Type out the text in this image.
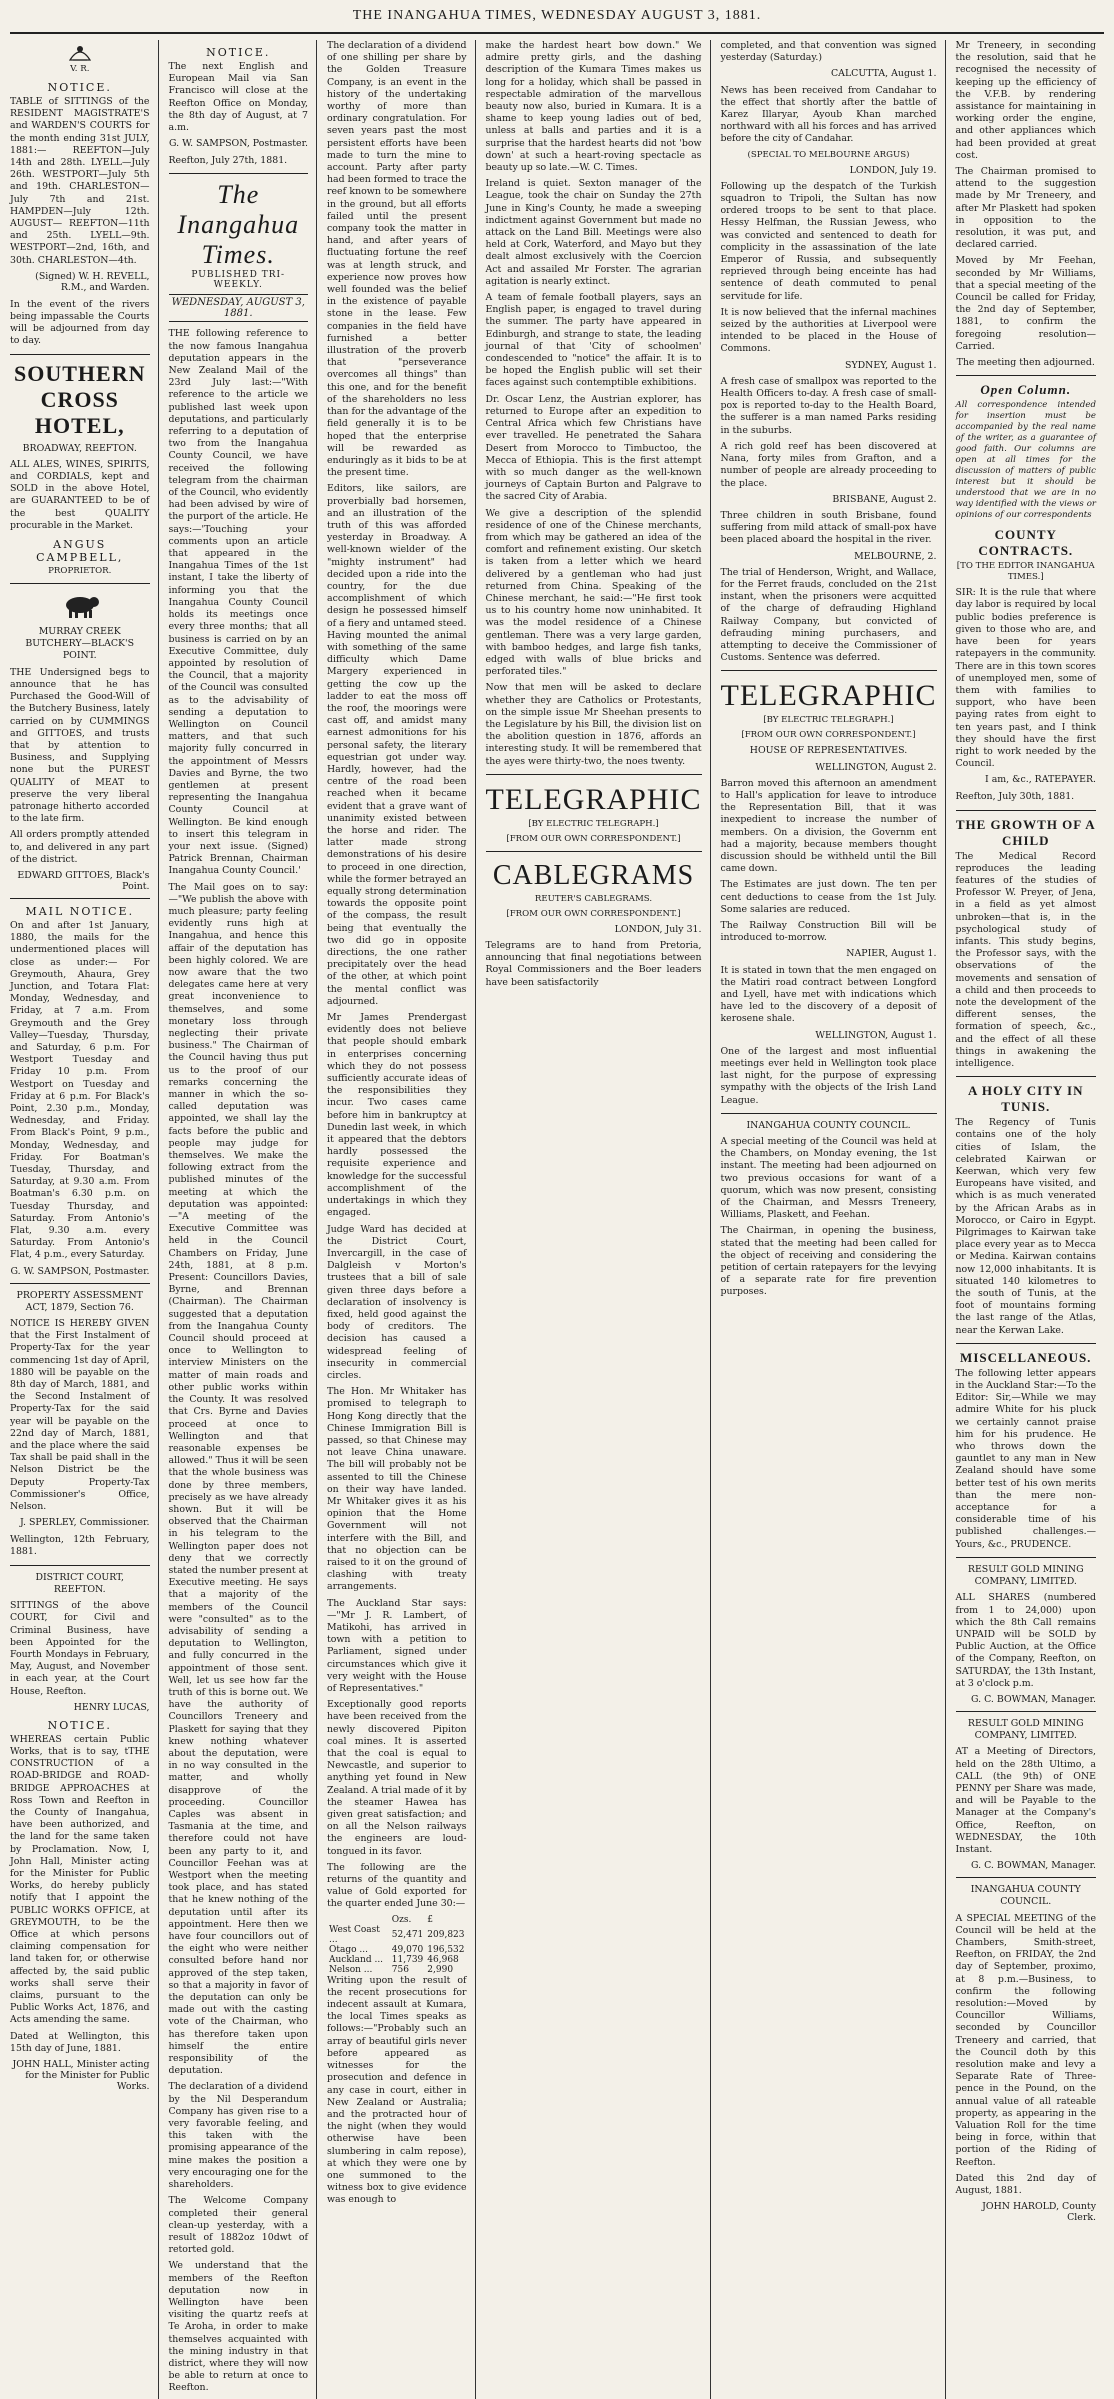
THE INANGAHUA TIMES, WEDNESDAY AUGUST 3, 1881.

V. R.

NOTICE.

TABLE of SITTINGS of the RESIDENT MAGISTRATE'S and WARDEN'S COURTS for the month ending 31st JULY, 1881:— REEFTON—July 14th and 28th. LYELL—July 26th. WESTPORT—July 5th and 19th. CHARLESTON—July 7th and 21st. HAMPDEN—July 12th. AUGUST— REEFTON—11th and 25th. LYELL—9th. WESTPORT—2nd, 16th, and 30th. CHARLESTON—4th.

(Signed) W. H. REVELL, R.M., and Warden.

In the event of the rivers being impassable the Courts will be adjourned from day to day.

SOUTHERN CROSS HOTEL,

BROADWAY, REEFTON.

ALL ALES, WINES, SPIRITS, and CORDIALS, kept and SOLD in the above Hotel, are GUARANTEED to be of the best QUALITY procurable in the Market.

ANGUS CAMPBELL,

PROPRIETOR.

MURRAY CREEK BUTCHERY—BLACK'S POINT.

THE Undersigned begs to announce that he has Purchased the Good-Will of the Butchery Business, lately carried on by CUMMINGS and GITTOES, and trusts that by attention to Business, and Supplying none but the PUREST QUALITY of MEAT to preserve the very liberal patronage hitherto accorded to the late firm.

All orders promptly attended to, and delivered in any part of the district.

EDWARD GITTOES, Black's Point.

MAIL NOTICE.

On and after 1st January, 1880, the mails for the undermentioned places will close as under:— For Greymouth, Ahaura, Grey Junction, and Totara Flat: Monday, Wednesday, and Friday, at 7 a.m. From Greymouth and the Grey Valley—Tuesday, Thursday, and Saturday, 6 p.m. For Westport Tuesday and Friday 10 p.m. From Westport on Tuesday and Friday at 6 p.m. For Black's Point, 2.30 p.m., Monday, Wednesday, and Friday. From Black's Point, 9 p.m., Monday, Wednesday, and Friday. For Boatman's Tuesday, Thursday, and Saturday, at 9.30 a.m. From Boatman's 6.30 p.m. on Tuesday Thursday, and Saturday. From Antonio's Flat, 9.30 a.m. every Saturday. From Antonio's Flat, 4 p.m., every Saturday.

G. W. SAMPSON, Postmaster.

PROPERTY ASSESSMENT ACT, 1879, Section 76.

NOTICE IS HEREBY GIVEN that the First Instalment of Property-Tax for the year commencing 1st day of April, 1880 will be payable on the 8th day of March, 1881, and the Second Instalment of Property-Tax for the said year will be payable on the 22nd day of March, 1881, and the place where the said Tax shall be paid shall in the Nelson District be the Deputy Property-Tax Commissioner's Office, Nelson.

J. SPERLEY, Commissioner.

Wellington, 12th February, 1881.

DISTRICT COURT, REEFTON.

SITTINGS of the above COURT, for Civil and Criminal Business, have been Appointed for the Fourth Mondays in February, May, August, and November in each year, at the Court House, Reefton.

HENRY LUCAS,

NOTICE.

WHEREAS certain Public Works, that is to say, tTHE CONSTRUCTION of a ROAD-BRIDGE and ROAD-BRIDGE APPROACHES at Ross Town and Reefton in the County of Inangahua, have been authorized, and the land for the same taken by Proclamation. Now, I, John Hall, Minister acting for the Minister for Public Works, do hereby publicly notify that I appoint the PUBLIC WORKS OFFICE, at GREYMOUTH, to be the Office at which persons claiming compensation for land taken for, or otherwise affected by, the said public works shall serve their claims, pursuant to the Public Works Act, 1876, and Acts amending the same.

Dated at Wellington, this 15th day of June, 1881.

JOHN HALL, Minister acting for the Minister for Public Works.

NOTICE.

The next English and European Mail via San Francisco will close at the Reefton Office on Monday, the 8th day of August, at 7 a.m.

G. W. SAMPSON, Postmaster.

Reefton, July 27th, 1881.

The Inangahua Times.
PUBLISHED TRI-WEEKLY.
WEDNESDAY, AUGUST 3, 1881.

THE following reference to the now famous Inangahua deputation appears in the New Zealand Mail of the 23rd July last:—"With reference to the article we published last week upon deputations, and particularly referring to a deputation of two from the Inangahua County Council, we have received the following telegram from the chairman of the Council, who evidently had been advised by wire of the purport of the article. He says:—'Touching your comments upon an article that appeared in the Inangahua Times of the 1st instant, I take the liberty of informing you that the Inangahua County Council holds its meetings once every three months; that all business is carried on by an Executive Committee, duly appointed by resolution of the Council, that a majority of the Council was consulted as to the advisability of sending a deputation to Wellington on Council matters, and that such majority fully concurred in the appointment of Messrs Davies and Byrne, the two gentlemen at present representing the Inangahua County Council at Wellington. Be kind enough to insert this telegram in your next issue. (Signed) Patrick Brennan, Chairman Inangahua County Council.'

The Mail goes on to say:—"We publish the above with much pleasure; party feeling evidently runs high at Inangahua, and hence this affair of the deputation has been highly colored. We are now aware that the two delegates came here at very great inconvenience to themselves, and some monetary loss through neglecting their private business." The Chairman of the Council having thus put us to the proof of our remarks concerning the manner in which the so-called deputation was appointed, we shall lay the facts before the public and people may judge for themselves. We make the following extract from the published minutes of the meeting at which the deputation was appointed:—"A meeting of the Executive Committee was held in the Council Chambers on Friday, June 24th, 1881, at 8 p.m. Present: Councillors Davies, Byrne, and Brennan (Chairman). The Chairman suggested that a deputation from the Inangahua County Council should proceed at once to Wellington to interview Ministers on the matter of main roads and other public works within the County. It was resolved that Crs. Byrne and Davies proceed at once to Wellington and that reasonable expenses be allowed." Thus it will be seen that the whole business was done by three members, precisely as we have already shown. But it will be observed that the Chairman in his telegram to the Wellington paper does not deny that we correctly stated the number present at Executive meeting. He says that a majority of the members of the Council were "consulted" as to the advisability of sending a deputation to Wellington, and fully concurred in the appointment of those sent. Well, let us see how far the truth of this is borne out. We have the authority of Councillors Treneery and Plaskett for saying that they knew nothing whatever about the deputation, were in no way consulted in the matter, and wholly disapprove of the proceeding. Councillor Caples was absent in Tasmania at the time, and therefore could not have been any party to it, and Councillor Feehan was at Westport when the meeting took place, and has stated that he knew nothing of the deputation until after its appointment. Here then we have four councillors out of the eight who were neither consulted before hand nor approved of the step taken, so that a majority in favor of the deputation can only be made out with the casting vote of the Chairman, who has therefore taken upon himself the entire responsibility of the deputation.

The declaration of a dividend by the Nil Desperandum Company has given rise to a very favorable feeling, and this taken with the promising appearance of the mine makes the position a very encouraging one for the shareholders.

The Welcome Company completed their general clean-up yesterday, with a result of 1882oz 10dwt of retorted gold.

We understand that the members of the Reefton deputation now in Wellington have been visiting the quartz reefs at Te Aroha, in order to make themselves acquainted with the mining industry in that district, where they will now be able to return at once to Reefton.

The declaration of a dividend of one shilling per share by the Golden Treasure Company, is an event in the history of the undertaking worthy of more than ordinary congratulation. For seven years past the most persistent efforts have been made to turn the mine to account. Party after party had been formed to trace the reef known to be somewhere in the ground, but all efforts failed until the present company took the matter in hand, and after years of fluctuating fortune the reef was at length struck, and experience now proves how well founded was the belief in the existence of payable stone in the lease. Few companies in the field have furnished a better illustration of the proverb that "perseverance overcomes all things" than this one, and for the benefit of the shareholders no less than for the advantage of the field generally it is to be hoped that the enterprise will be rewarded as enduringly as it bids to be at the present time.

Editors, like sailors, are proverbially bad horsemen, and an illustration of the truth of this was afforded yesterday in Broadway. A well-known wielder of the "mighty instrument" had decided upon a ride into the country, for the due accomplishment of which design he possessed himself of a fiery and untamed steed. Having mounted the animal with something of the same difficulty which Dame Margery experienced in getting the cow up the ladder to eat the moss off the roof, the moorings were cast off, and amidst many earnest admonitions for his personal safety, the literary equestrian got under way. Hardly, however, had the centre of the road been reached when it became evident that a grave want of unanimity existed between the horse and rider. The latter made strong demonstrations of his desire to proceed in one direction, while the former betrayed an equally strong determination towards the opposite point of the compass, the result being that eventually the two did go in opposite directions, the one rather precipitately over the head of the other, at which point the mental conflict was adjourned.

Mr James Prendergast evidently does not believe that people should embark in enterprises concerning which they do not possess sufficiently accurate ideas of the responsibilities they incur. Two cases came before him in bankruptcy at Dunedin last week, in which it appeared that the debtors hardly possessed the requisite experience and knowledge for the successful accomplishment of the undertakings in which they engaged.

Judge Ward has decided at the District Court, Invercargill, in the case of Dalgleish v Morton's trustees that a bill of sale given three days before a declaration of insolvency is fixed, held good against the body of creditors. The decision has caused a widespread feeling of insecurity in commercial circles.

The Hon. Mr Whitaker has promised to telegraph to Hong Kong directly that the Chinese Immigration Bill is passed, so that Chinese may not leave China unaware. The bill will probably not be assented to till the Chinese on their way have landed. Mr Whitaker gives it as his opinion that the Home Government will not interfere with the Bill, and that no objection can be raised to it on the ground of clashing with treaty arrangements.

The Auckland Star says:—"Mr J. R. Lambert, of Matikohi, has arrived in town with a petition to Parliament, signed under circumstances which give it very weight with the House of Representatives."

Exceptionally good reports have been received from the newly discovered Pipiton coal mines. It is asserted that the coal is equal to Newcastle, and superior to anything yet found in New Zealand. A trial made of it by the steamer Hawea has given great satisfaction; and on all the Nelson railways the engineers are loud-tongued in its favor.

The following are the returns of the quantity and value of Gold exported for the quarter ended June 30:—

	Ozs.	£
West Coast ...	52,471	209,823
Otago ...	49,070	196,532
Auckland ...	11,739	46,968
Nelson ...	756	2,990

Writing upon the result of the recent prosecutions for indecent assault at Kumara, the local Times speaks as follows:—"Probably such an array of beautiful girls never before appeared as witnesses for the prosecution and defence in any case in court, either in New Zealand or Australia; and the protracted hour of the night (when they would otherwise have been slumbering in calm repose), at which they were one by one summoned to the witness box to give evidence was enough to

make the hardest heart bow down." We admire pretty girls, and the dashing description of the Kumara Times makes us long for a holiday, which shall be passed in respectable admiration of the marvellous beauty now also, buried in Kumara. It is a shame to keep young ladies out of bed, unless at balls and parties and it is a surprise that the hardest hearts did not 'bow down' at such a heart-roving spectacle as beauty up so late.—W. C. Times.

Ireland is quiet. Sexton manager of the League, took the chair on Sunday the 27th June in King's County, he made a sweeping indictment against Government but made no attack on the Land Bill. Meetings were also held at Cork, Waterford, and Mayo but they dealt almost exclusively with the Coercion Act and assailed Mr Forster. The agrarian agitation is nearly extinct.

A team of female football players, says an English paper, is engaged to travel during the summer. The party have appeared in Edinburgh, and strange to state, the leading journal of that 'City of schoolmen' condescended to "notice" the affair. It is to be hoped the English public will set their faces against such contemptible exhibitions.

Dr. Oscar Lenz, the Austrian explorer, has returned to Europe after an expedition to Central Africa which few Christians have ever travelled. He penetrated the Sahara Desert from Morocco to Timbuctoo, the Mecca of Ethiopia. This is the first attempt with so much danger as the well-known journeys of Captain Burton and Palgrave to the sacred City of Arabia.

We give a description of the splendid residence of one of the Chinese merchants, from which may be gathered an idea of the comfort and refinement existing. Our sketch is taken from a letter which we heard delivered by a gentleman who had just returned from China. Speaking of the Chinese merchant, he said:—"He first took us to his country home now uninhabited. It was the model residence of a Chinese gentleman. There was a very large garden, with bamboo hedges, and large fish tanks, edged with walls of blue bricks and perforated tiles."

Now that men will be asked to declare whether they are Catholics or Protestants, on the simple issue Mr Sheehan presents to the Legislature by his Bill, the division list on the abolition question in 1876, affords an interesting study. It will be remembered that the ayes were thirty-two, the noes twenty.

TELEGRAPHIC

[BY ELECTRIC TELEGRAPH.]

[FROM OUR OWN CORRESPONDENT.]

CABLEGRAMS

REUTER'S CABLEGRAMS.

[FROM OUR OWN CORRESPONDENT.]

LONDON, July 31.

Telegrams are to hand from Pretoria, announcing that final negotiations between Royal Commissioners and the Boer leaders have been satisfactorily

completed, and that convention was signed yesterday (Saturday.)

CALCUTTA, August 1.

News has been received from Candahar to the effect that shortly after the battle of Karez Illaryar, Ayoub Khan marched northward with all his forces and has arrived before the city of Candahar.

(SPECIAL TO MELBOURNE ARGUS)

LONDON, July 19.

Following up the despatch of the Turkish squadron to Tripoli, the Sultan has now ordered troops to be sent to that place. Hessy Helfman, the Russian Jewess, who was convicted and sentenced to death for complicity in the assassination of the late Emperor of Russia, and subsequently reprieved through being enceinte has had sentence of death commuted to penal servitude for life.

It is now believed that the infernal machines seized by the authorities at Liverpool were intended to be placed in the House of Commons.

SYDNEY, August 1.

A fresh case of smallpox was reported to the Health Officers to-day. A fresh case of small-pox is reported to-day to the Health Board, the sufferer is a man named Parks residing in the suburbs.

A rich gold reef has been discovered at Nana, forty miles from Grafton, and a number of people are already proceeding to the place.

BRISBANE, August 2.

Three children in south Brisbane, found suffering from mild attack of small-pox have been placed aboard the hospital in the river.

MELBOURNE, 2.

The trial of Henderson, Wright, and Wallace, for the Ferret frauds, concluded on the 21st instant, when the prisoners were acquitted of the charge of defrauding Highland Railway Company, but convicted of defrauding mining purchasers, and attempting to deceive the Commissioner of Customs. Sentence was deferred.

TELEGRAPHIC

[BY ELECTRIC TELEGRAPH.]

[FROM OUR OWN CORRESPONDENT.]

HOUSE OF REPRESENTATIVES.

WELLINGTON, August 2.

Barron moved this afternoon an amendment to Hall's application for leave to introduce the Representation Bill, that it was inexpedient to increase the number of members. On a division, the Governm ent had a majority, because members thought discussion should be withheld until the Bill came down.

The Estimates are just down. The ten per cent deductions to cease from the 1st July. Some salaries are reduced.

The Railway Construction Bill will be introduced to-morrow.

NAPIER, August 1.

It is stated in town that the men engaged on the Matiri road contract between Longford and Lyell, have met with indications which have led to the discovery of a deposit of kerosene shale.

WELLINGTON, August 1.

One of the largest and most influential meetings ever held in Wellington took place last night, for the purpose of expressing sympathy with the objects of the Irish Land League.

INANGAHUA COUNTY COUNCIL.

A special meeting of the Council was held at the Chambers, on Monday evening, the 1st instant. The meeting had been adjourned on two previous occasions for want of a quorum, which was now present, consisting of the Chairman, and Messrs Treneery, Williams, Plaskett, and Feehan.

The Chairman, in opening the business, stated that the meeting had been called for the object of receiving and considering the petition of certain ratepayers for the levying of a separate rate for fire prevention purposes.

Mr Treneery, in seconding the resolution, said that he recognised the necessity of keeping up the efficiency of the V.F.B. by rendering assistance for maintaining in working order the engine, and other appliances which had been provided at great cost.

The Chairman promised to attend to the suggestion made by Mr Treneery, and after Mr Plaskett had spoken in opposition to the resolution, it was put, and declared carried.

Moved by Mr Feehan, seconded by Mr Williams, that a special meeting of the Council be called for Friday, the 2nd day of September, 1881, to confirm the foregoing resolution—Carried.

The meeting then adjourned.

Open Column.

All correspondence intended for insertion must be accompanied by the real name of the writer, as a guarantee of good faith. Our columns are open at all times for the discussion of matters of public interest but it should be understood that we are in no way identified with the views or opinions of our correspondents

COUNTY CONTRACTS.

[TO THE EDITOR INANGAHUA TIMES.]

SIR: It is the rule that where day labor is required by local public bodies preference is given to those who are, and have been for years ratepayers in the community. There are in this town scores of unemployed men, some of them with families to support, who have been paying rates from eight to ten years past, and I think they should have the first right to work needed by the Council.

I am, &c., RATEPAYER.

Reefton, July 30th, 1881.

THE GROWTH OF A CHILD

The Medical Record reproduces the leading features of the studies of Professor W. Preyer, of Jena, in a field as yet almost unbroken—that is, in the psychological study of infants. This study begins, the Professor says, with the observations of the movements and sensation of a child and then proceeds to note the development of the different senses, the formation of speech, &c., and the effect of all these things in awakening the intelligence.

A HOLY CITY IN TUNIS.

The Regency of Tunis contains one of the holy cities of Islam, the celebrated Kairwan or Keerwan, which very few Europeans have visited, and which is as much venerated by the African Arabs as in Morocco, or Cairo in Egypt. Pilgrimages to Kairwan take place every year as to Mecca or Medina. Kairwan contains now 12,000 inhabitants. It is situated 140 kilometres to the south of Tunis, at the foot of mountains forming the last range of the Atlas, near the Kerwan Lake.

MISCELLANEOUS.

The following letter appears in the Auckland Star:—To the Editor: Sir,—While we may admire White for his pluck we certainly cannot praise him for his prudence. He who throws down the gauntlet to any man in New Zealand should have some better test of his own merits than the mere non-acceptance for a considerable time of his published challenges.—Yours, &c., PRUDENCE.

RESULT GOLD MINING COMPANY, LIMITED.

ALL SHARES (numbered from 1 to 24,000) upon which the 8th Call remains UNPAID will be SOLD by Public Auction, at the Office of the Company, Reefton, on SATURDAY, the 13th Instant, at 3 o'clock p.m.

G. C. BOWMAN, Manager.

RESULT GOLD MINING COMPANY, LIMITED.

AT a Meeting of Directors, held on the 28th Ultimo, a CALL (the 9th) of ONE PENNY per Share was made, and will be Payable to the Manager at the Company's Office, Reefton, on WEDNESDAY, the 10th Instant.

G. C. BOWMAN, Manager.

INANGAHUA COUNTY COUNCIL.

A SPECIAL MEETING of the Council will be held at the Chambers, Smith-street, Reefton, on FRIDAY, the 2nd day of September, proximo, at 8 p.m.—Business, to confirm the following resolution:—Moved by Councillor Williams, seconded by Councillor Treneery and carried, that the Council doth by this resolution make and levy a Separate Rate of Three-pence in the Pound, on the annual value of all rateable property, as appearing in the Valuation Roll for the time being in force, within that portion of the Riding of Reefton.

Dated this 2nd day of August, 1881.

JOHN HAROLD, County Clerk.
